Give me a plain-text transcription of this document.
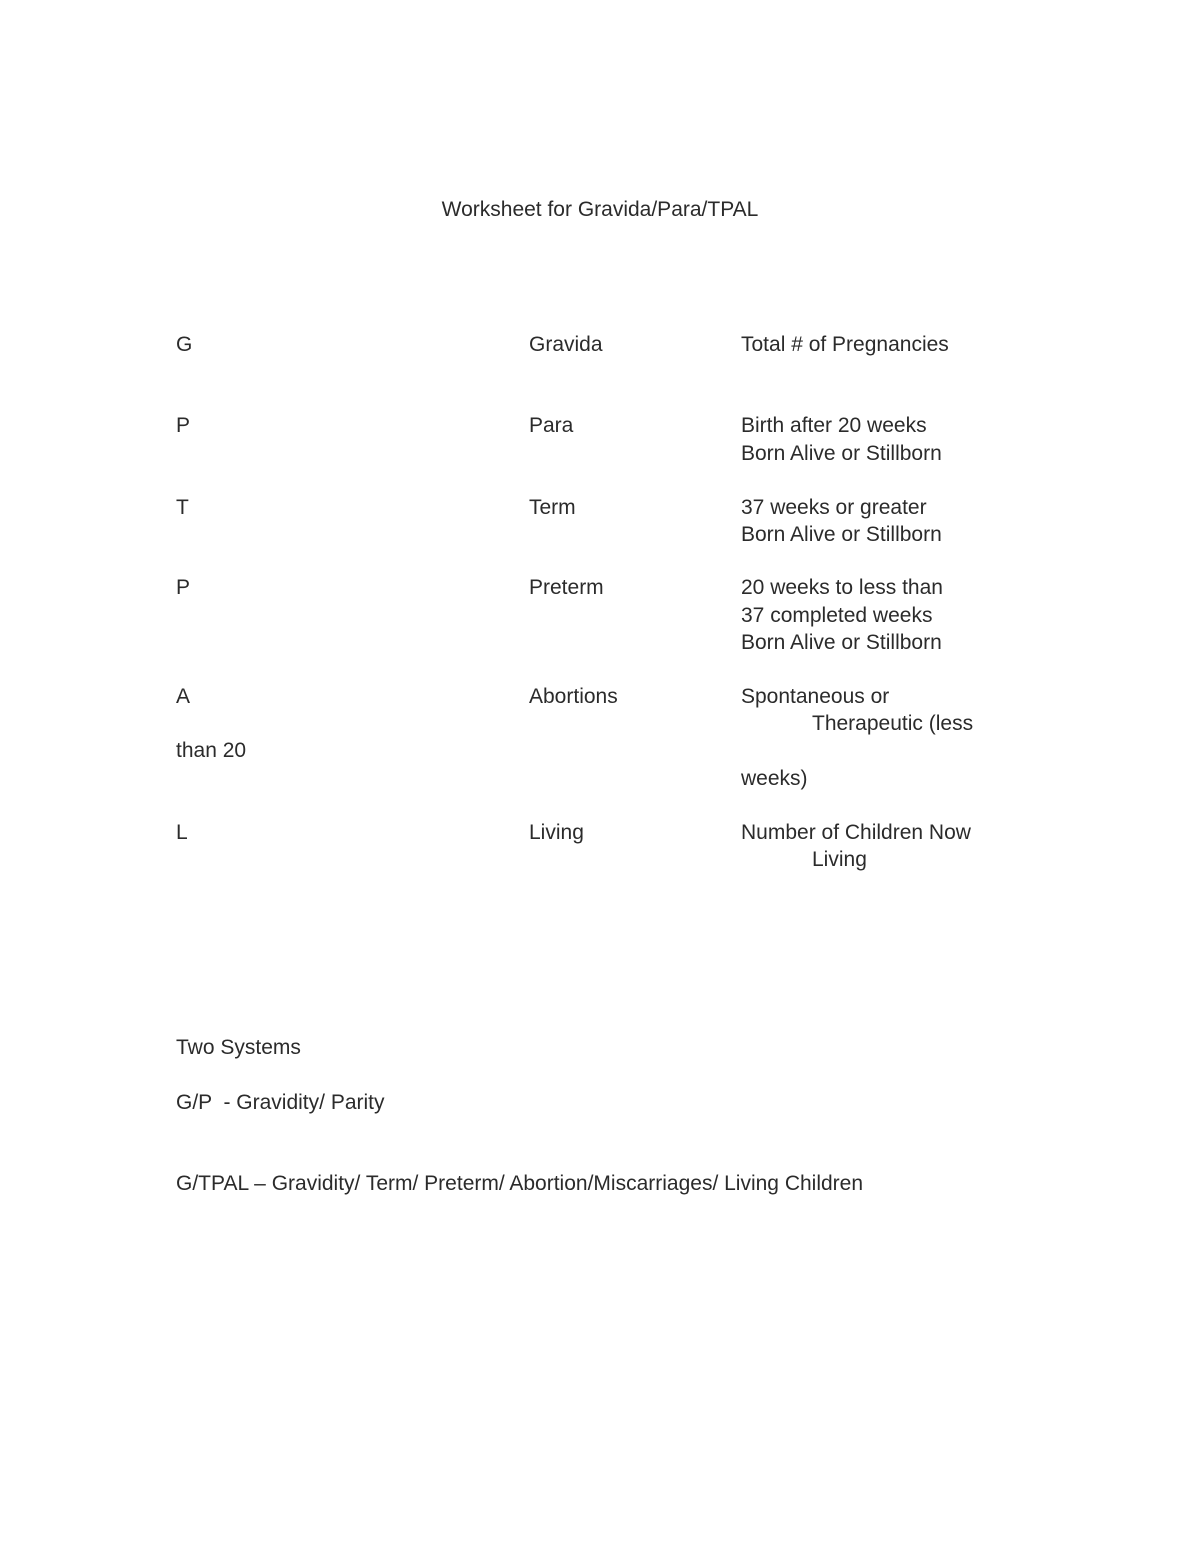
Worksheet for Gravida/Para/TPAL
G	Gravida	Total # of Pregnancies
P	Para	Birth after 20 weeks
Born Alive or Stillborn
T	Term	37 weeks or greater
Born Alive or Stillborn
P	Preterm	20 weeks to less than
37 completed weeks
Born Alive or Stillborn
A	Abortions	Spontaneous or
Therapeutic (less
than 20
weeks)
L	Living	Number of Children Now
Living
Two Systems
G/P  - Gravidity/ Parity
G/TPAL – Gravidity/ Term/ Preterm/ Abortion/Miscarriages/ Living Children
